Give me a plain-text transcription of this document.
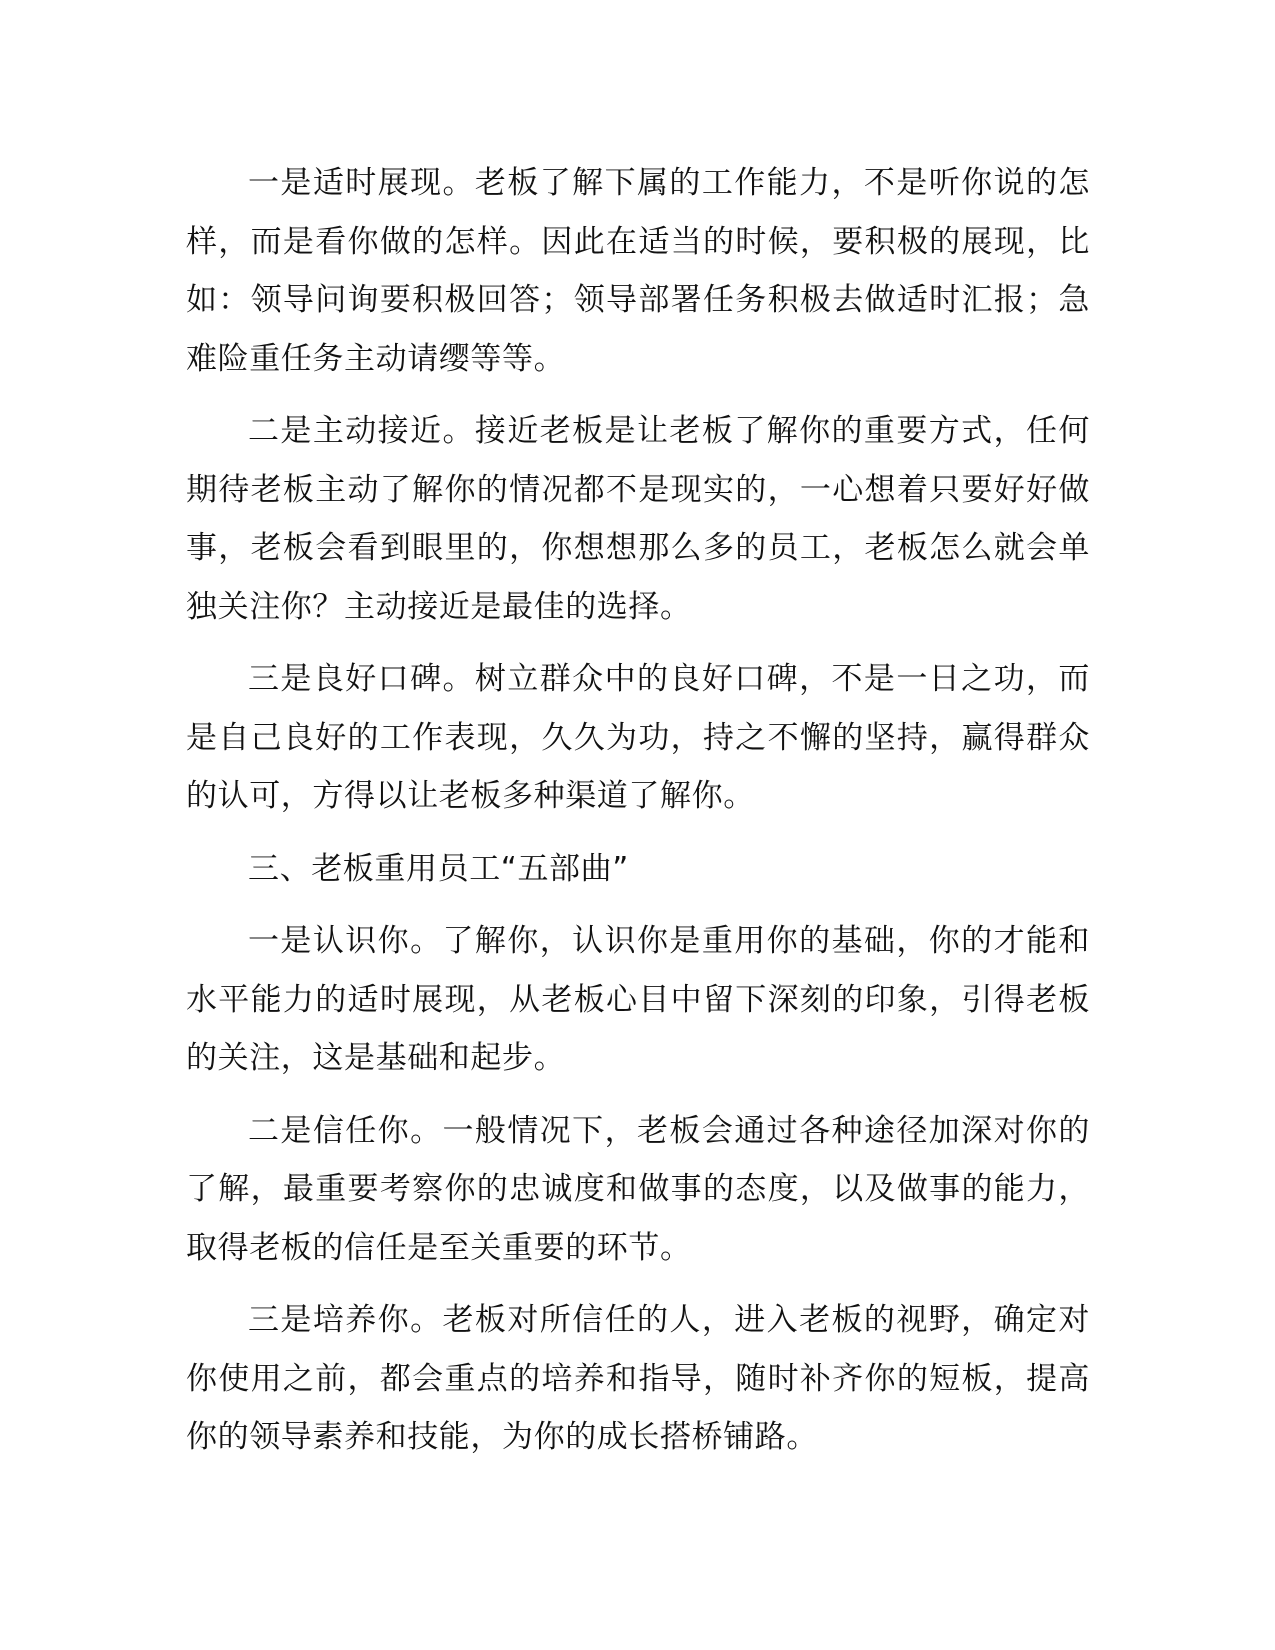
一是适时展现。老板了解下属的工作能力，不是听你说的怎样，而是看你做的怎样。因此在适当的时候，要积极的展现，比如：领导问询要积极回答；领导部署任务积极去做适时汇报；急难险重任务主动请缨等等。

二是主动接近。接近老板是让老板了解你的重要方式，任何期待老板主动了解你的情况都不是现实的，一心想着只要好好做事，老板会看到眼里的，你想想那么多的员工，老板怎么就会单独关注你？主动接近是最佳的选择。

三是良好口碑。树立群众中的良好口碑，不是一日之功，而是自己良好的工作表现，久久为功，持之不懈的坚持，赢得群众的认可，方得以让老板多种渠道了解你。

三、老板重用员工“五部曲”

一是认识你。了解你，认识你是重用你的基础，你的才能和水平能力的适时展现，从老板心目中留下深刻的印象，引得老板的关注，这是基础和起步。

二是信任你。一般情况下，老板会通过各种途径加深对你的了解，最重要考察你的忠诚度和做事的态度，以及做事的能力，取得老板的信任是至关重要的环节。

三是培养你。老板对所信任的人，进入老板的视野，确定对你使用之前，都会重点的培养和指导，随时补齐你的短板，提高你的领导素养和技能，为你的成长搭桥铺路。
